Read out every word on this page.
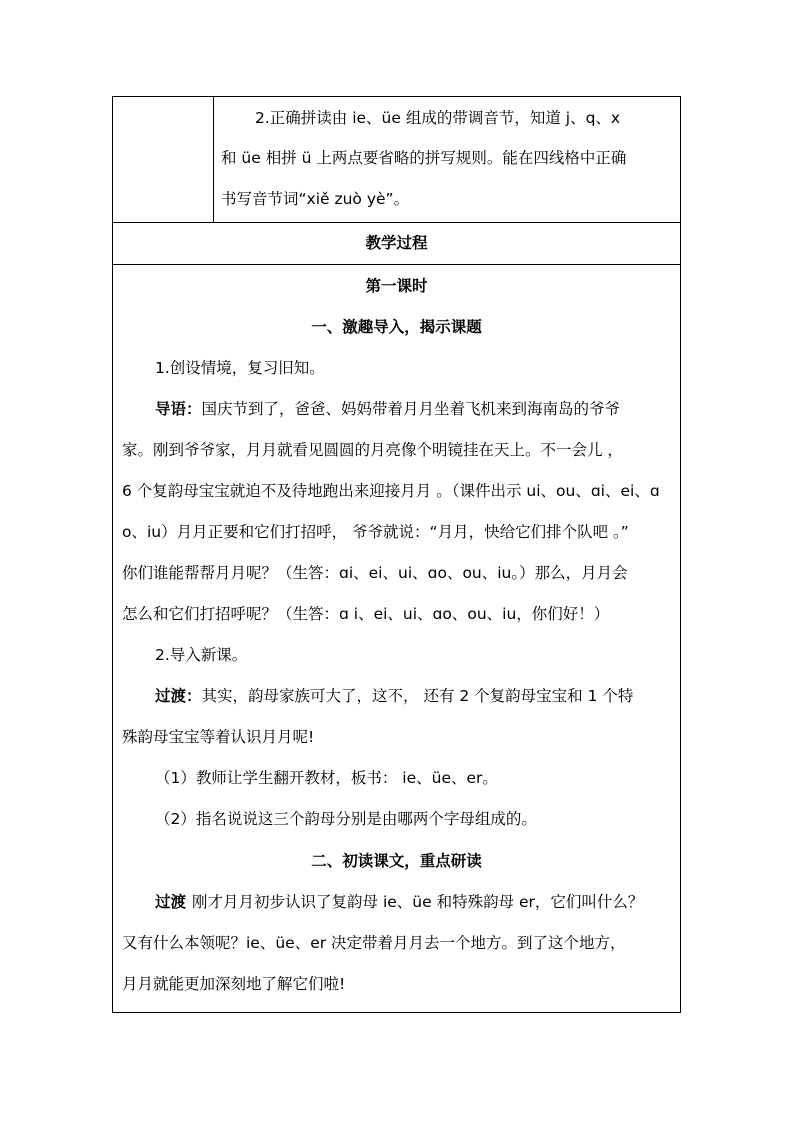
2.正确拼读由 ie、üe 组成的带调音节，知道 j、q、x
和 üe 相拼 ü 上两点要省略的拼写规则。能在四线格中正确
书写音节词“xiě zuò yè”。
教学过程
第一课时
一、激趣导入，揭示课题
1.创设情境，复习旧知。
导语：国庆节到了，爸爸、妈妈带着月月坐着飞机来到海南岛的爷爷
家。刚到爷爷家，月月就看见圆圆的月亮像个明镜挂在天上。不一会儿 ，
6 个复韵母宝宝就迫不及待地跑出来迎接月月 。（课件出示 ui、ou、ɑi、ei、ɑ
o、iu）月月正要和它们打招呼， 爷爷就说：“月月，快给它们排个队吧 。”
你们谁能帮帮月月呢？（生答：ɑi、ei、ui、ɑo、ou、iu。）那么，月月会
怎么和它们打招呼呢？（生答：ɑ i、ei、ui、ɑo、ou、iu，你们好！）
2.导入新课。
过渡：其实，韵母家族可大了，这不， 还有 2 个复韵母宝宝和 1 个特
殊韵母宝宝等着认识月月呢!
（1）教师让学生翻开教材，板书： ie、üe、er。
（2）指名说说这三个韵母分别是由哪两个字母组成的。
二、初读课文，重点研读
过渡 刚才月月初步认识了复韵母 ie、üe 和特殊韵母 er，它们叫什么？
又有什么本领呢？ie、üe、er 决定带着月月去一个地方。到了这个地方，
月月就能更加深刻地了解它们啦!
